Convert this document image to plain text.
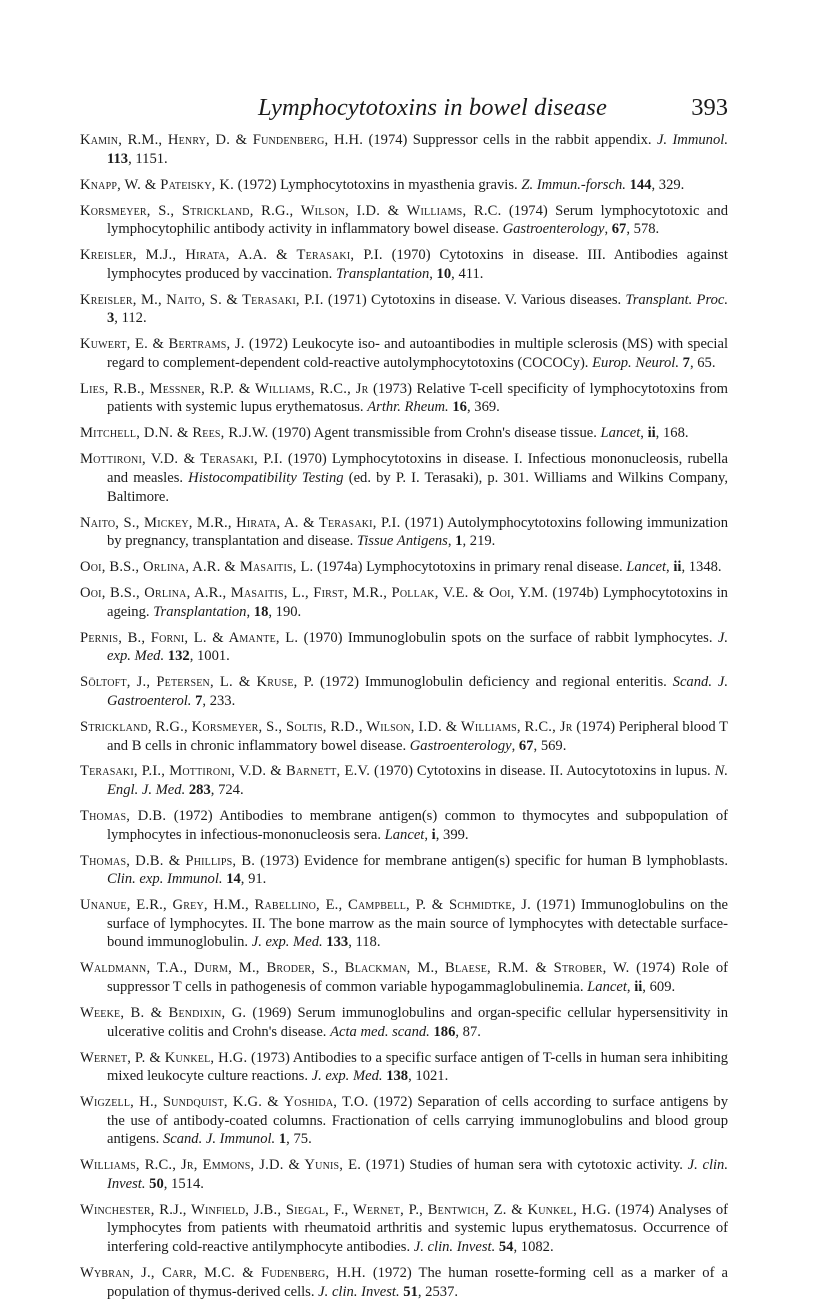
Lymphocytotoxins in bowel disease	393
Kamin, R.M., Henry, D. & Fundenberg, H.H. (1974) Suppressor cells in the rabbit appendix. J. Immunol. 113, 1151.
Knapp, W. & Pateisky, K. (1972) Lymphocytotoxins in myasthenia gravis. Z. Immun.-forsch. 144, 329.
Korsmeyer, S., Strickland, R.G., Wilson, I.D. & Williams, R.C. (1974) Serum lymphocytotoxic and lymphocytophilic antibody activity in inflammatory bowel disease. Gastroenterology, 67, 578.
Kreisler, M.J., Hirata, A.A. & Terasaki, P.I. (1970) Cytotoxins in disease. III. Antibodies against lymphocytes produced by vaccination. Transplantation, 10, 411.
Kreisler, M., Naito, S. & Terasaki, P.I. (1971) Cytotoxins in disease. V. Various diseases. Transplant. Proc. 3, 112.
Kuwert, E. & Bertrams, J. (1972) Leukocyte iso- and autoantibodies in multiple sclerosis (MS) with special regard to complement-dependent cold-reactive autolymphocytotoxins (COCOCy). Europ. Neurol. 7, 65.
Lies, R.B., Messner, R.P. & Williams, R.C., Jr (1973) Relative T-cell specificity of lymphocytotoxins from patients with systemic lupus erythematosus. Arthr. Rheum. 16, 369.
Mitchell, D.N. & Rees, R.J.W. (1970) Agent transmissible from Crohn's disease tissue. Lancet, ii, 168.
Mottironi, V.D. & Terasaki, P.I. (1970) Lymphocytotoxins in disease. I. Infectious mononucleosis, rubella and measles. Histocompatibility Testing (ed. by P. I. Terasaki), p. 301. Williams and Wilkins Company, Baltimore.
Naito, S., Mickey, M.R., Hirata, A. & Terasaki, P.I. (1971) Autolymphocytotoxins following immunization by pregnancy, transplantation and disease. Tissue Antigens, 1, 219.
Ooi, B.S., Orlina, A.R. & Masaitis, L. (1974a) Lymphocytotoxins in primary renal disease. Lancet, ii, 1348.
Ooi, B.S., Orlina, A.R., Masaitis, L., First, M.R., Pollak, V.E. & Ooi, Y.M. (1974b) Lymphocytotoxins in ageing. Transplantation, 18, 190.
Pernis, B., Forni, L. & Amante, L. (1970) Immunoglobulin spots on the surface of rabbit lymphocytes. J. exp. Med. 132, 1001.
Söltoft, J., Petersen, L. & Kruse, P. (1972) Immunoglobulin deficiency and regional enteritis. Scand. J. Gastroenterol. 7, 233.
Strickland, R.G., Korsmeyer, S., Soltis, R.D., Wilson, I.D. & Williams, R.C., Jr (1974) Peripheral blood T and B cells in chronic inflammatory bowel disease. Gastroenterology, 67, 569.
Terasaki, P.I., Mottironi, V.D. & Barnett, E.V. (1970) Cytotoxins in disease. II. Autocytotoxins in lupus. N. Engl. J. Med. 283, 724.
Thomas, D.B. (1972) Antibodies to membrane antigen(s) common to thymocytes and subpopulation of lymphocytes in infectious-mononucleosis sera. Lancet, i, 399.
Thomas, D.B. & Phillips, B. (1973) Evidence for membrane antigen(s) specific for human B lymphoblasts. Clin. exp. Immunol. 14, 91.
Unanue, E.R., Grey, H.M., Rabellino, E., Campbell, P. & Schmidtke, J. (1971) Immunoglobulins on the surface of lymphocytes. II. The bone marrow as the main source of lymphocytes with detectable surface-bound immunoglobulin. J. exp. Med. 133, 118.
Waldmann, T.A., Durm, M., Broder, S., Blackman, M., Blaese, R.M. & Strober, W. (1974) Role of suppressor T cells in pathogenesis of common variable hypogammaglobulinemia. Lancet, ii, 609.
Weeke, B. & Bendixin, G. (1969) Serum immunoglobulins and organ-specific cellular hypersensitivity in ulcerative colitis and Crohn's disease. Acta med. scand. 186, 87.
Wernet, P. & Kunkel, H.G. (1973) Antibodies to a specific surface antigen of T-cells in human sera inhibiting mixed leukocyte culture reactions. J. exp. Med. 138, 1021.
Wigzell, H., Sundquist, K.G. & Yoshida, T.O. (1972) Separation of cells according to surface antigens by the use of antibody-coated columns. Fractionation of cells carrying immunoglobulins and blood group antigens. Scand. J. Immunol. 1, 75.
Williams, R.C., Jr, Emmons, J.D. & Yunis, E. (1971) Studies of human sera with cytotoxic activity. J. clin. Invest. 50, 1514.
Winchester, R.J., Winfield, J.B., Siegal, F., Wernet, P., Bentwich, Z. & Kunkel, H.G. (1974) Analyses of lymphocytes from patients with rheumatoid arthritis and systemic lupus erythematosus. Occurrence of interfering cold-reactive antilymphocyte antibodies. J. clin. Invest. 54, 1082.
Wybran, J., Carr, M.C. & Fudenberg, H.H. (1972) The human rosette-forming cell as a marker of a population of thymus-derived cells. J. clin. Invest. 51, 2537.
